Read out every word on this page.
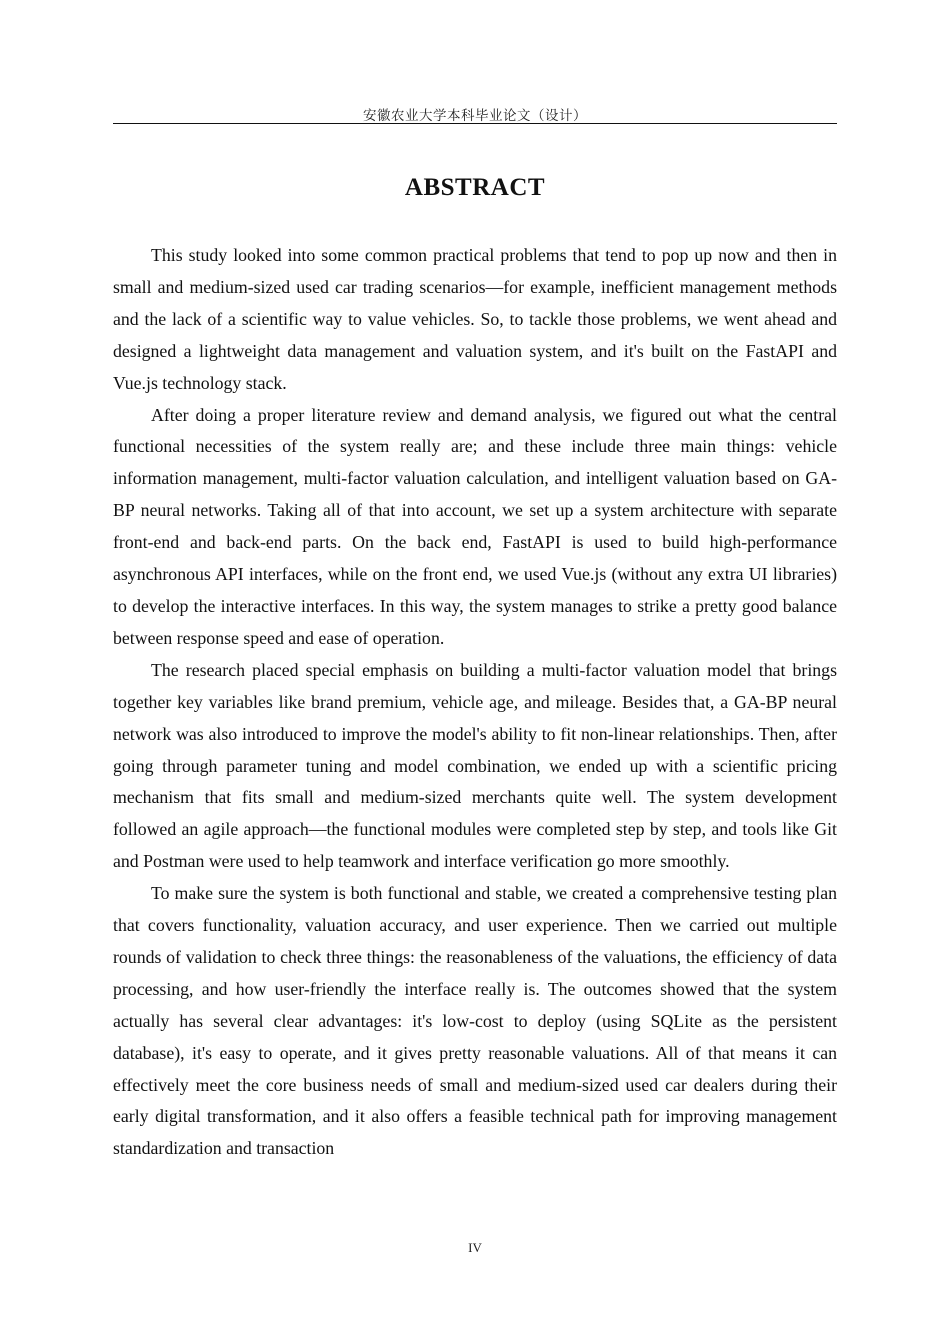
安徽农业大学本科毕业论文（设计）
ABSTRACT

This study looked into some common practical problems that tend to pop up now and then in small and medium-sized used car trading scenarios—for example, inefficient management methods and the lack of a scientific way to value vehicles. So, to tackle those problems, we went ahead and designed a lightweight data management and valuation system, and it's built on the FastAPI and Vue.js technology stack.

After doing a proper literature review and demand analysis, we figured out what the central functional necessities of the system really are; and these include three main things: vehicle information management, multi-factor valuation calculation, and intelligent valuation based on GA-BP neural networks. Taking all of that into account, we set up a system architecture with separate front-end and back-end parts. On the back end, FastAPI is used to build high-performance asynchronous API interfaces, while on the front end, we used Vue.js (without any extra UI libraries) to develop the interactive interfaces. In this way, the system manages to strike a pretty good balance between response speed and ease of operation.

The research placed special emphasis on building a multi-factor valuation model that brings together key variables like brand premium, vehicle age, and mileage. Besides that, a GA-BP neural network was also introduced to improve the model's ability to fit non-linear relationships. Then, after going through parameter tuning and model combination, we ended up with a scientific pricing mechanism that fits small and medium-sized merchants quite well. The system development followed an agile approach—the functional modules were completed step by step, and tools like Git and Postman were used to help teamwork and interface verification go more smoothly.

To make sure the system is both functional and stable, we created a comprehensive testing plan that covers functionality, valuation accuracy, and user experience. Then we carried out multiple rounds of validation to check three things: the reasonableness of the valuations, the efficiency of data processing, and how user-friendly the interface really is. The outcomes showed that the system actually has several clear advantages: it's low-cost to deploy (using SQLite as the persistent database), it's easy to operate, and it gives pretty reasonable valuations. All of that means it can effectively meet the core business needs of small and medium-sized used car dealers during their early digital transformation, and it also offers a feasible technical path for improving management standardization and transaction

IV
